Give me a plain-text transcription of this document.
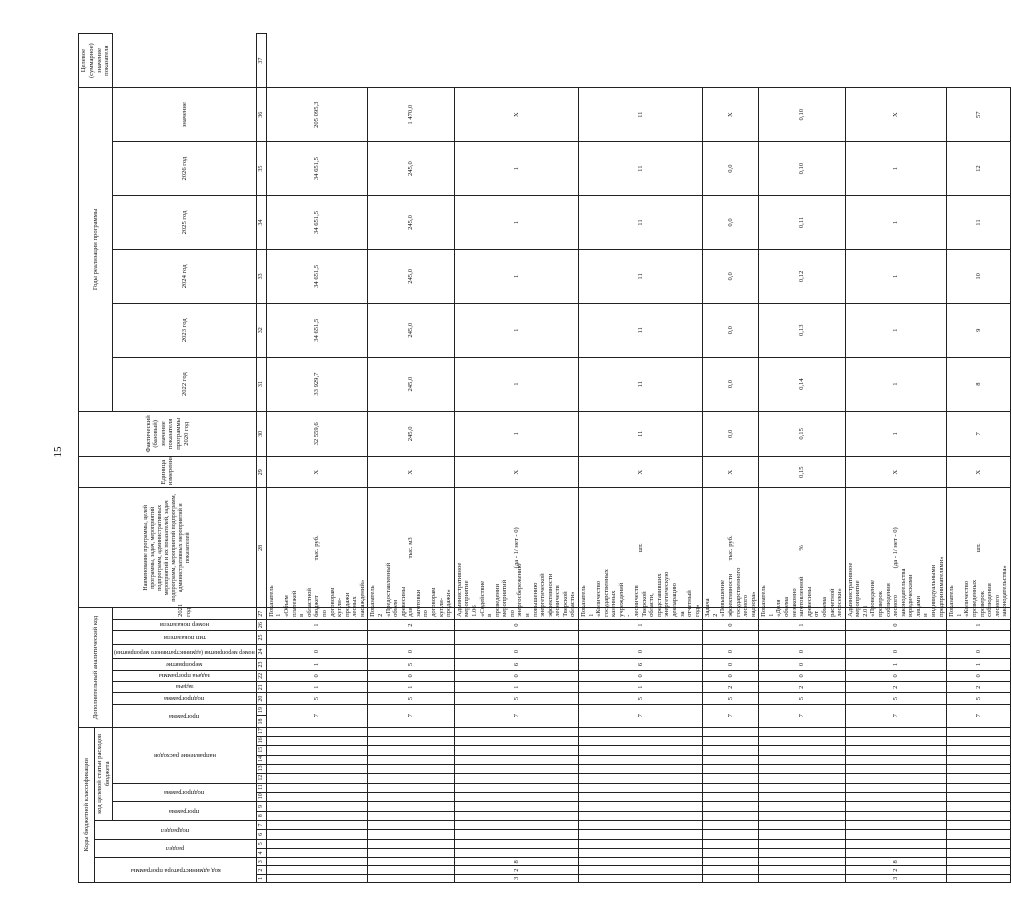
15
Коды бюджетной классификации																	Дополнительный аналитический код										Наименование программы, целей программы, задач, мероприятий подпрограмм, административных мероприятий и их показателей, задач подпрограмм, мероприятий подпрограмм, административных мероприятий и показателей	Единица измерения	Фактический (базовый) значение показателя программы 2020 год	Годы реализации программы						Целевое (суммарное) значение показателя

код администратора программы			раздел		подраздел		код целевой статьи расходов бюджета																													

							программа		подпрограмма		направление расходов						программа		подпрограмма	задача	задача программы	мероприятие	номер мероприятия (административного мероприятия)	тип показателя	номер показателя	2021 год				2022 год	2023 год	2024 год	2025 год	2026 год	значение	
1	2	3	4	5	6	7	8	9	10	11	12	13	14	15	16	17	18	19	20	21	22	23	24	25	26	27	28	29	30	31	32	33	34	35	36	37
																	7		5	1	0	1	0		1	Показатель 1 «Объем платежей в областной бюджет по договорам купли-продажи лесных насаждений»	тыс. руб.	Х	32 559,6	33 929,7	34 651,5	34 651,5	34 651,5	34 651,5	205 095,3	
																	7		5	1	0	5	0		2	Показатель 2 «Предоставленный объем древесины для заготовки по договорам купли-продажи»	тыс. м3	Х	245,0	245,0	245,0	245,0	245,0	245,0	1 470,0	
3	2	8															7		5	1	0	6	0		0	Административное мероприятие 1.06 «Содействие в проведении мероприятий по энергосбережению и повышению энергетической эффективности лесничеств Тверской области»	(да - 1/ нет - 0)	Х	1	1	1	1	1	1	Х	
																	7		5	1	0	6	0		1	Показатель 1 «Количество государственных казенных учреждений - лесничеств Тверской области, представивших энергетическую декларацию за отчетный год»	шт.	Х	11	11	11	11	11	11	11	
																	7		5	2	0	0	0		0	Задача 2 «Повышение эффективности государственного лесного надзора»	тыс. руб.	Х	0,0	0,0	0,0	0,0	0,0	0,0	Х	
																	7		5	2	0	0	0		1	Показатель 1 «Доля объема незаконно заготовленной древесины от объема расчетной лесосеки»	%	0,15	0,15	0,14	0,13	0,12	0,11	0,10	0,10	
3	2	8															7		5	2	0	1	0		0	Административное мероприятие 2.01 «Проведение проверок соблюдения лесного законодательства юридическими лицами и индивидуальными предпринимателями»	(да - 1/ нет - 0)	Х	1	1	1	1	1	1	Х	
																	7		5	2	0	1	0		1	Показатель 1 «Количество проведенных проверок соблюдения лесного законодательства»	шт.	Х	7	8	9	10	11	12	57	
